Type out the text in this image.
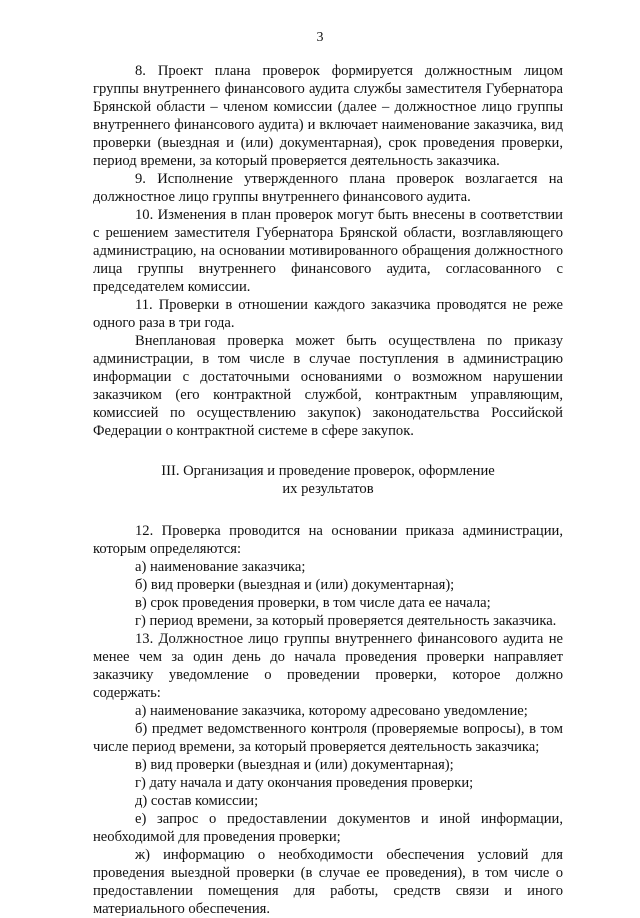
3

8. Проект плана проверок формируется должностным лицом группы внутреннего финансового аудита службы заместителя Губернатора Брянской области – членом комиссии (далее – должностное лицо группы внутреннего финансового аудита) и включает наименование заказчика, вид проверки (выездная и (или) документарная), срок проведения проверки, период времени, за который проверяется деятельность заказчика.

9. Исполнение утвержденного плана проверок возлагается на должностное лицо группы внутреннего финансового аудита.

10. Изменения в план проверок могут быть внесены в соответствии с решением заместителя Губернатора Брянской области, возглавляющего администрацию, на основании мотивированного обращения должностного лица группы внутреннего финансового аудита, согласованного с председателем комиссии.

11. Проверки в отношении каждого заказчика проводятся не реже одного раза в три года.

Внеплановая проверка может быть осуществлена по приказу администрации, в том числе в случае поступления в администрацию информации с достаточными основаниями о возможном нарушении заказчиком (его контрактной службой, контрактным управляющим, комиссией по осуществлению закупок) законодательства Российской Федерации о контрактной системе в сфере закупок.

III. Организация и проведение проверок, оформление
их результатов

12. Проверка проводится на основании приказа администрации, которым определяются:

а) наименование заказчика;

б) вид проверки (выездная и (или) документарная);

в) срок проведения проверки, в том числе дата ее начала;

г) период времени, за который проверяется деятельность заказчика.

13. Должностное лицо группы внутреннего финансового аудита не менее чем за один день до начала проведения проверки направляет заказчику уведомление о проведении проверки, которое должно содержать:

а) наименование заказчика, которому адресовано уведомление;

б) предмет ведомственного контроля (проверяемые вопросы), в том числе период времени, за который проверяется деятельность заказчика;

в) вид проверки (выездная и (или) документарная);

г) дату начала и дату окончания проведения проверки;

д) состав комиссии;

е) запрос о предоставлении документов и иной информации, необходимой для проведения проверки;

ж) информацию о необходимости обеспечения условий для проведения выездной проверки (в случае ее проведения), в том числе о предоставлении помещения для работы, средств связи и иного материального обеспечения.
